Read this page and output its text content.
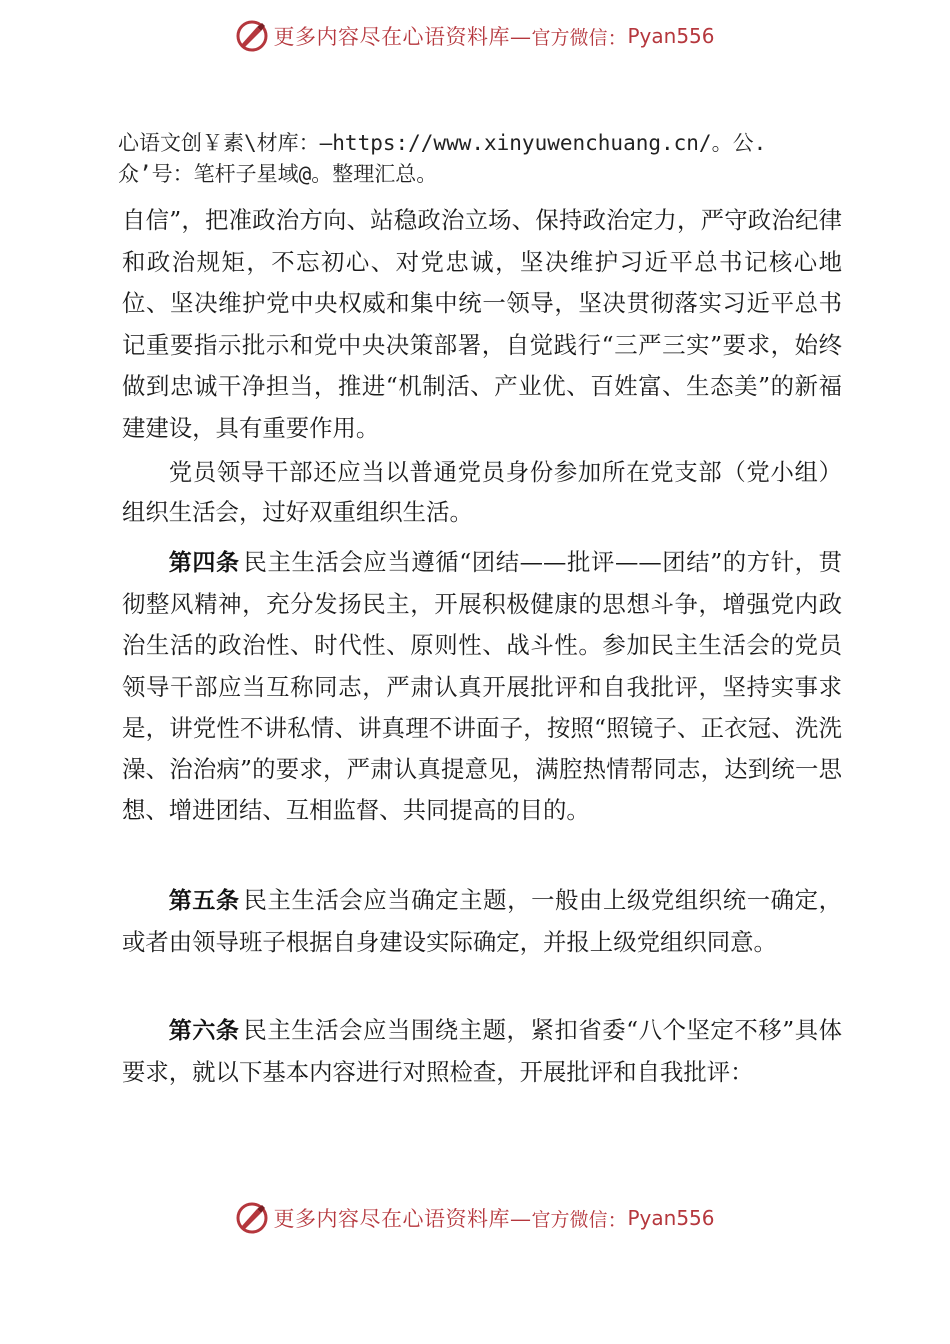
更多内容尽在心语资料库— 官方微信 ： Pyan556
心语文创￥素\材库：—https://www.xinyuwenchuang.cn/。公.
众’号：笔杆子星域@。整理汇总。
自信”，把准政治方向、站稳政治立场、保持政治定力，严守政治纪律和政治规矩，不忘初心、对党忠诚，坚决维护习近平总书记核心地位、坚决维护党中央权威和集中统一领导，坚决贯彻落实习近平总书记重要指示批示和党中央决策部署，自觉践行“三严三实”要求，始终做到忠诚干净担当，推进“机制活、产业优、百姓富、生态美”的新福建建设，具有重要作用。
党员领导干部还应当以普通党员身份参加所在党支部（党小组）组织生活会，过好双重组织生活。
第四条 民主生活会应当遵循“团结——批评——团结”的方针，贯彻整风精神，充分发扬民主，开展积极健康的思想斗争，增强党内政治生活的政治性、时代性、原则性、战斗性。参加民主生活会的党员领导干部应当互称同志，严肃认真开展批评和自我批评，坚持实事求是，讲党性不讲私情、讲真理不讲面子，按照“照镜子、正衣冠、洗洗澡、治治病”的要求，严肃认真提意见，满腔热情帮同志，达到统一思想、增进团结、互相监督、共同提高的目的。
第五条 民主生活会应当确定主题，一般由上级党组织统一确定，或者由领导班子根据自身建设实际确定，并报上级党组织同意。
第六条 民主生活会应当围绕主题，紧扣省委“八个坚定不移”具体要求，就以下基本内容进行对照检查，开展批评和自我批评：
更多内容尽在心语资料库— 官方微信 ： Pyan556
